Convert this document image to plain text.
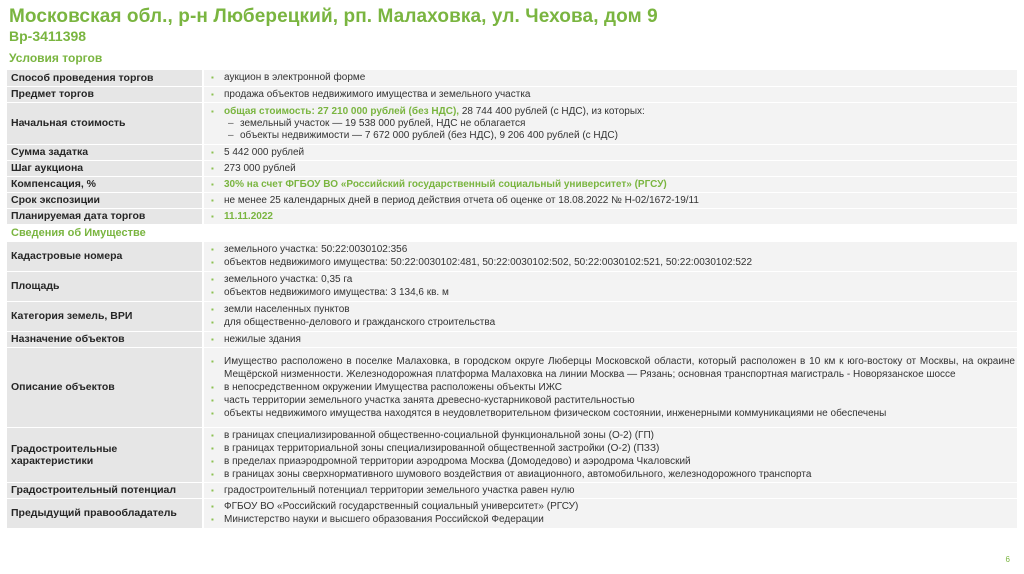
Московская обл., р-н Люберецкий, рп. Малаховка, ул. Чехова, дом 9
Вр-3411398
Условия торгов
Способ проведения торгов	▪ аукцион в электронной форме

Предмет торгов	▪ продажа объектов недвижимого имущества и земельного участка

Начальная стоимость	▪ общая стоимость: 27 210 000 рублей (без НДС), 28 744 400 рублей (с НДС), из которых:
– земельный участок — 19 538 000 рублей, НДС не облагается
– объекты недвижимости — 7 672 000 рублей (без НДС), 9 206 400 рублей (с НДС)

Сумма задатка	▪ 5 442 000 рублей

Шаг аукциона	▪ 273 000 рублей

Компенсация, %	▪ 30% на счет ФГБОУ ВО «Российский государственный социальный университет» (РГСУ)

Срок экспозиции	▪ не менее 25 календарных дней в период действия отчета об оценке от 18.08.2022 № Н-02/1672-19/11

Планируемая дата торгов	▪ 11.11.2022

Сведения об Имуществе	
Кадастровые номера	▪ земельного участка: 50:22:0030102:356
▪ объектов недвижимого имущества: 50:22:0030102:481, 50:22:0030102:502, 50:22:0030102:521, 50:22:0030102:522

Площадь	▪ земельного участка: 0,35 га
▪ объектов недвижимого имущества: 3 134,6 кв. м

Категория земель, ВРИ	▪ земли населенных пунктов
▪ для общественно-делового и гражданского строительства

Назначение объектов	▪ нежилые здания

Описание объектов	▪ Имущество расположено в поселке Малаховка, в городском округе Люберцы Московской области, который расположен в 10 км к юго-востоку от Москвы, на окраине Мещёрской низменности. Железнодорожная платформа Малаховка на линии Москва — Рязань; основная транспортная магистраль - Новорязанское шоссе
▪ в непосредственном окружении Имущества расположены объекты ИЖС
▪ часть территории земельного участка занята древесно-кустарниковой растительностью
▪ объекты недвижимого имущества находятся в неудовлетворительном физическом состоянии, инженерными коммуникациями не обеспечены

Градостроительные характеристики	▪ в границах специализированной общественно-социальной функциональной зоны (О-2) (ГП)
▪ в границах территориальной зоны специализированной общественной застройки (О-2) (ПЗЗ)
▪ в пределах приаэродромной территории аэродрома Москва (Домодедово) и аэродрома Чкаловский
▪ в границах зоны сверхнормативного шумового воздействия от авиационного, автомобильного, железнодорожного транспорта

Градостроительный потенциал	▪ градостроительный потенциал территории земельного участка равен нулю

Предыдущий правообладатель	▪ ФГБОУ ВО «Российский государственный социальный университет» (РГСУ)
▪ Министерство науки и высшего образования Российской Федерации
6
